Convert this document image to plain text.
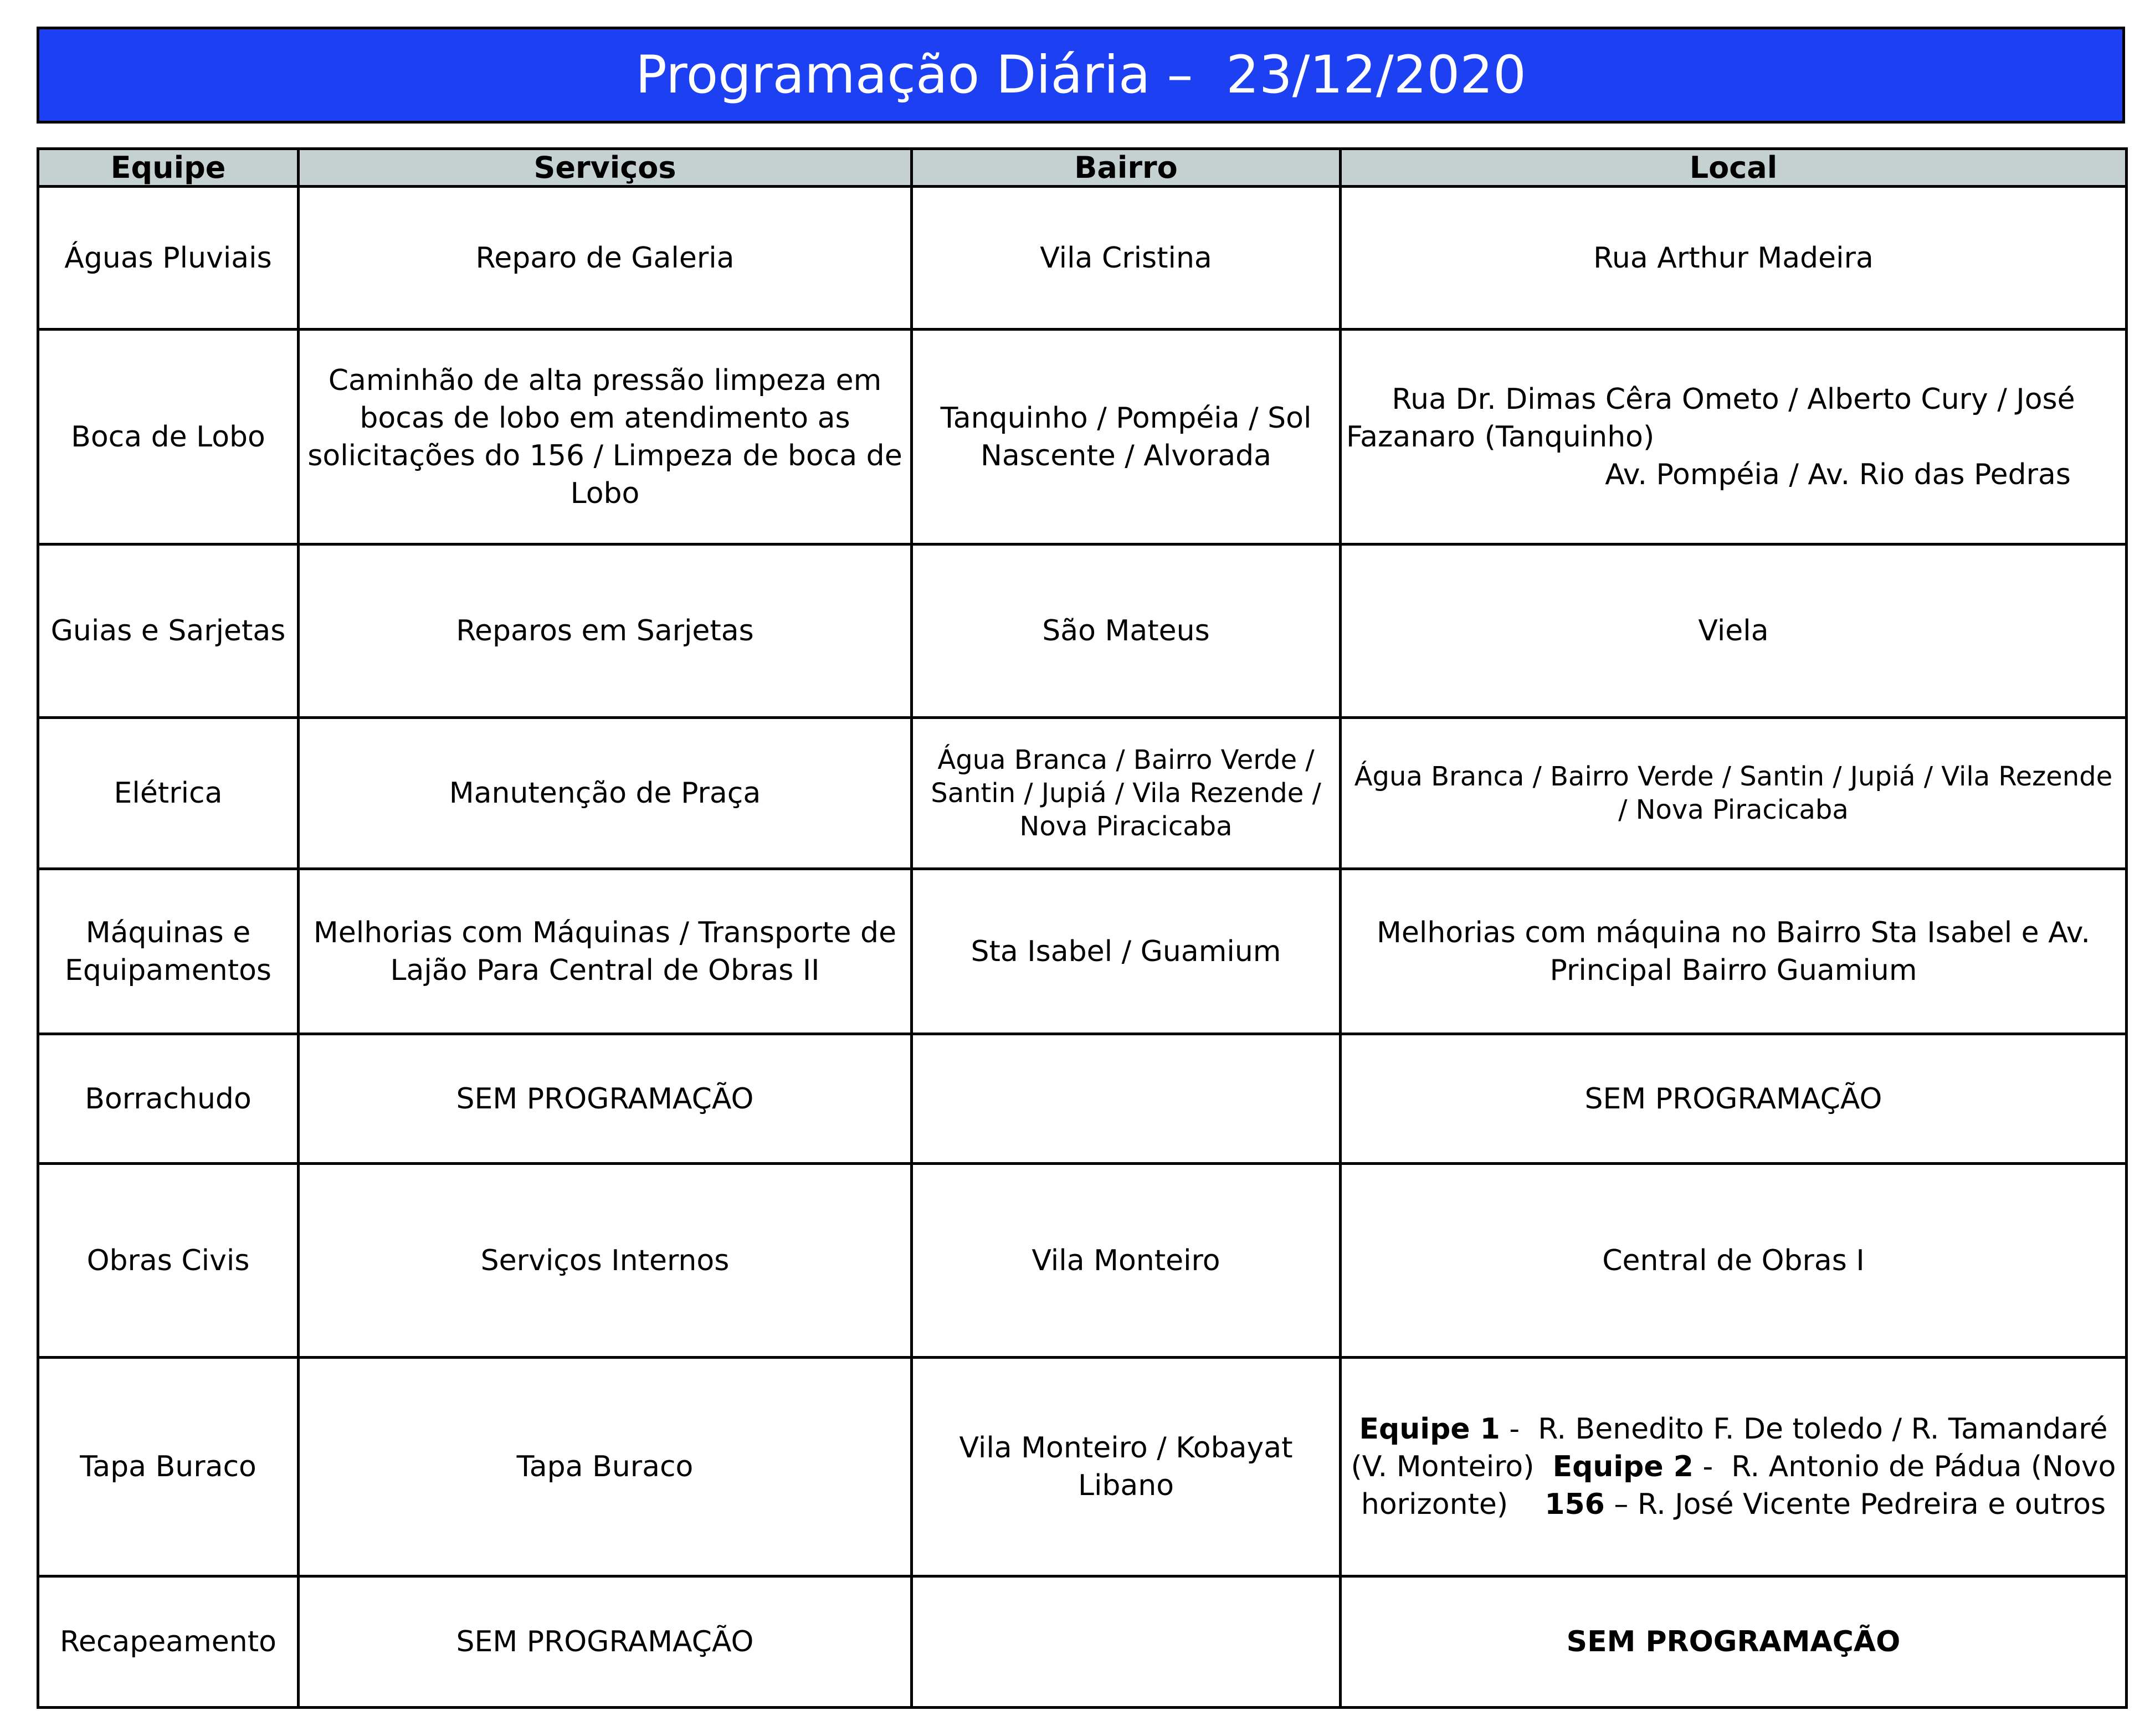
Programação Diária –  23/12/2020
Equipe	Serviços	Bairro	Local
Águas Pluviais	Reparo de Galeria	Vila Cristina	Rua Arthur Madeira
Boca de Lobo	Caminhão de alta pressão limpeza em bocas de lobo em atendimento as solicitações do 156 / Limpeza de boca de Lobo	Tanquinho / Pompéia / Sol Nascente / Alvorada	Rua Dr. Dimas Cêra Ometo / Alberto Cury / José
Fazanaro (Tanquinho)
Av. Pompéia / Av. Rio das Pedras

Guias e Sarjetas	Reparos em Sarjetas	São Mateus	Viela
Elétrica	Manutenção de Praça	Água Branca / Bairro Verde / Santin / Jupiá / Vila Rezende / Nova Piracicaba	Água Branca / Bairro Verde / Santin / Jupiá / Vila Rezende / Nova Piracicaba
Máquinas e Equipamentos	Melhorias com Máquinas / Transporte de Lajão Para Central de Obras II	Sta Isabel / Guamium	Melhorias com máquina no Bairro Sta Isabel e Av. Principal Bairro Guamium
Borrachudo	SEM PROGRAMAÇÃO		SEM PROGRAMAÇÃO
Obras Civis	Serviços Internos	Vila Monteiro	Central de Obras I
Tapa Buraco	Tapa Buraco	Vila Monteiro / Kobayat Libano	Equipe 1 -  R. Benedito F. De toledo / R. Tamandaré (V. Monteiro)  Equipe 2 -  R. Antonio de Pádua (Novo horizonte)    156 – R. José Vicente Pedreira e outros
Recapeamento	SEM PROGRAMAÇÃO		SEM PROGRAMAÇÃO
